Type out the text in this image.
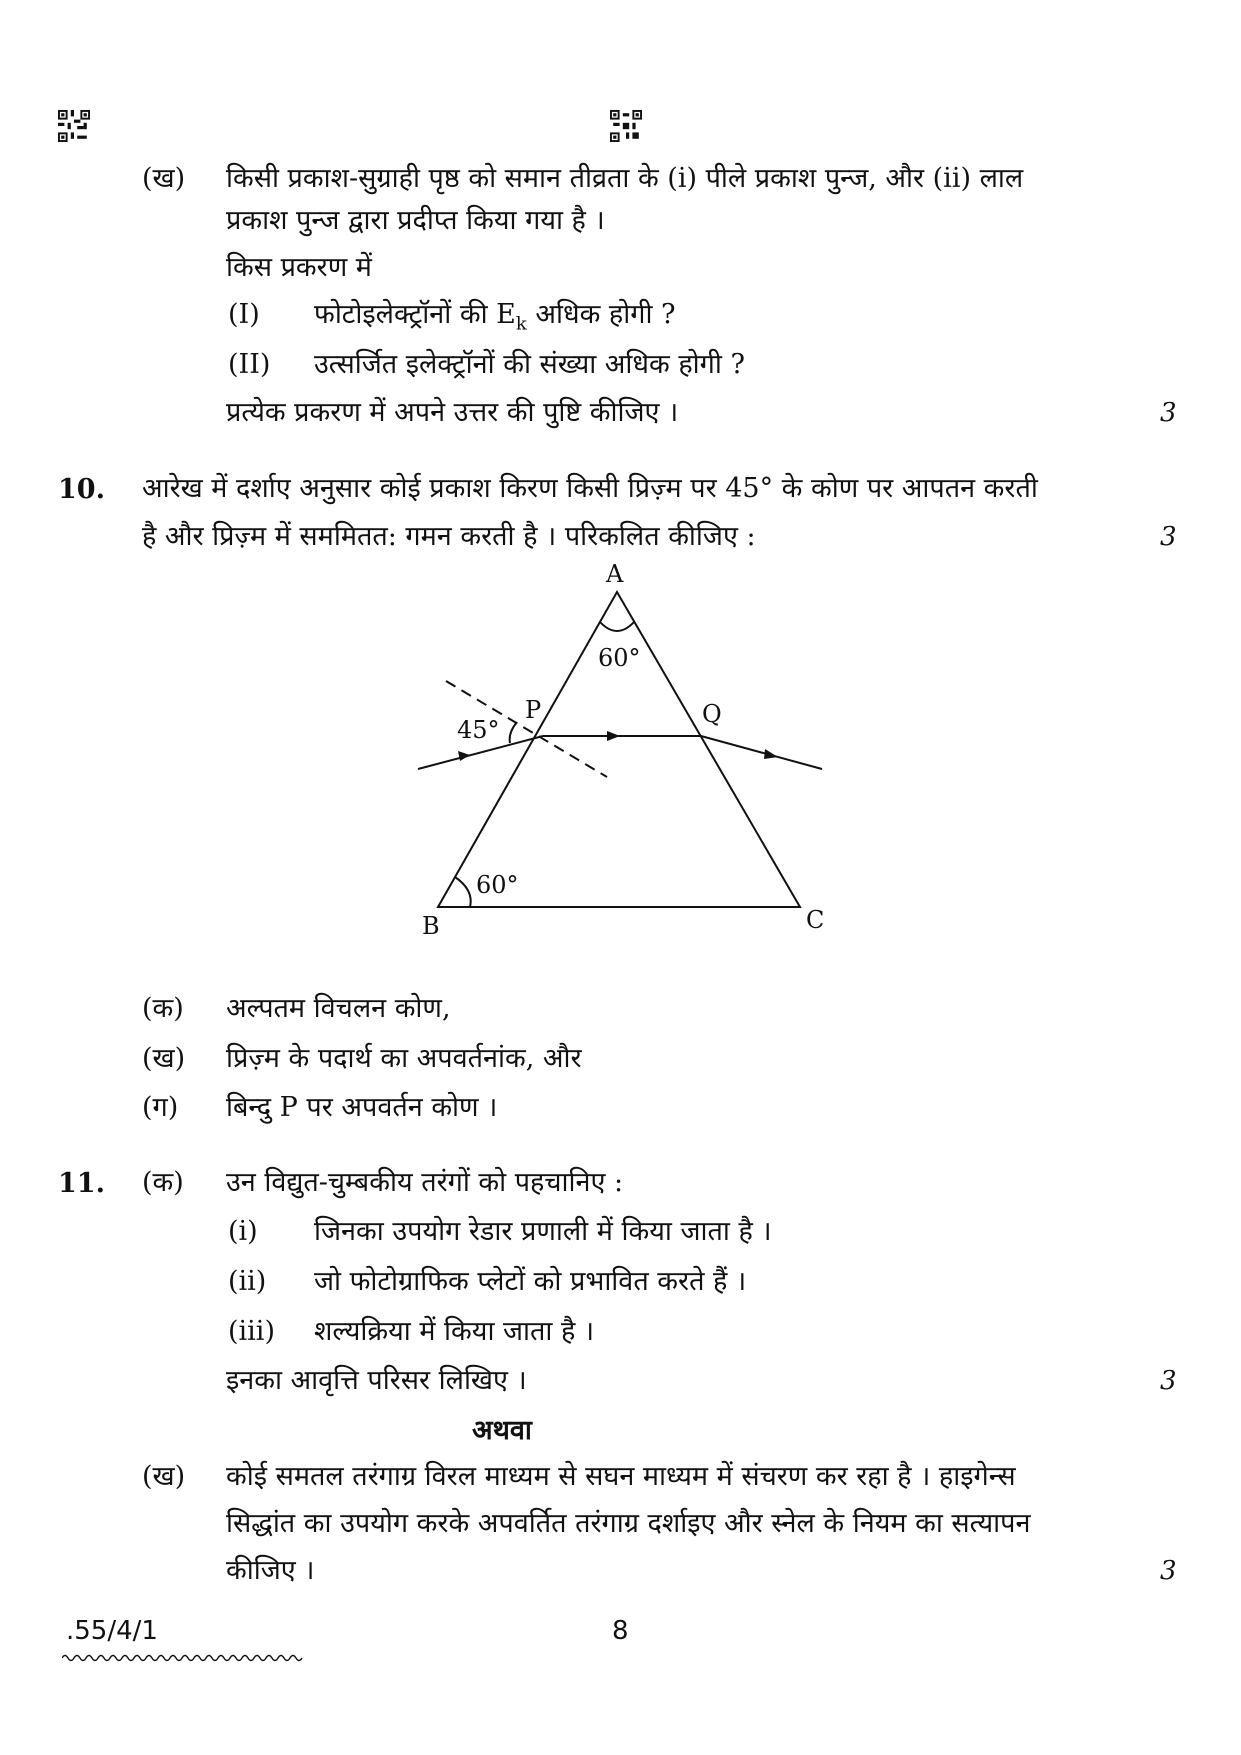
(ख) किसी प्रकाश-सुग्राही पृष्ठ को समान तीव्रता के (i) पीले प्रकाश पुन्ज, और (ii) लाल
प्रकाश पुन्ज द्वारा प्रदीप्त किया गया है ।
किस प्रकरण में
(I) फोटोइलेक्ट्रॉनों की $E_k$ अधिक होगी ?
(II) उत्सर्जित इलेक्ट्रॉनों की संख्या अधिक होगी ?
प्रत्येक प्रकरण में अपने उत्तर की पुष्टि कीजिए ।	3
10. आरेख में दर्शाए अनुसार कोई प्रकाश किरण किसी प्रिज़्म पर 45° के कोण पर आपतन करती
है और प्रिज़्म में सममितत: गमन करती है । परिकलित कीजिए :	3
A
B	C
P	Q
60°
60°
45°
(क) अल्पतम विचलन कोण,
(ख) प्रिज़्म के पदार्थ का अपवर्तनांक, और
(ग) बिन्दु P पर अपवर्तन कोण ।
11. (क) उन विद्युत-चुम्बकीय तरंगों को पहचानिए :
(i) जिनका उपयोग रेडार प्रणाली में किया जाता है ।
(ii) जो फोटोग्राफिक प्लेटों को प्रभावित करते हैं ।
(iii) शल्यक्रिया में किया जाता है ।
इनका आवृत्ति परिसर लिखिए ।	3
अथवा
(ख) कोई समतल तरंगाग्र विरल माध्यम से सघन माध्यम में संचरण कर रहा है । हाइगेन्स
सिद्धांत का उपयोग करके अपवर्तित तरंगाग्र दर्शाइए और स्नेल के नियम का सत्यापन
कीजिए ।	3
.55/4/1	8
